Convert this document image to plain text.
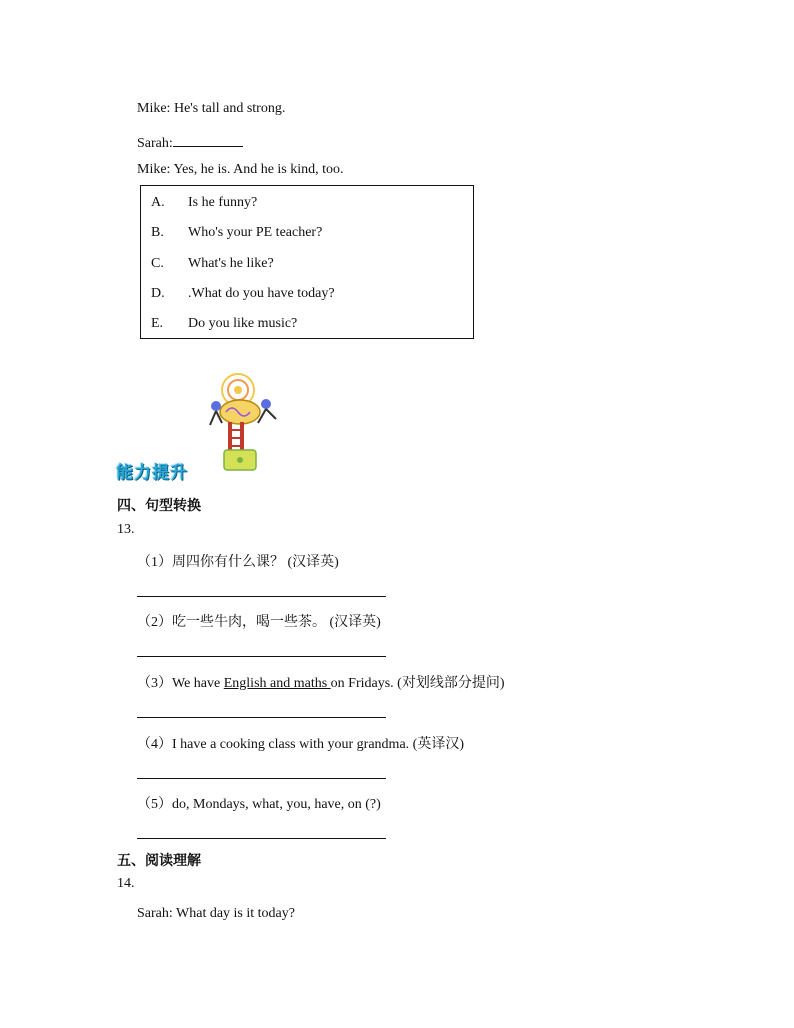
Mike: He's tall and strong.
Sarah:
Mike: Yes, he is. And he is kind, too.
A. Is he funny?
B. Who's your PE teacher?
C. What's he like?
D. .What do you have today?
E. Do you like music?
能力提升
四、句型转换
13.
（1）周四你有什么课？ (汉译英)
（2）吃一些牛肉，喝一些茶。 (汉译英)
（3）We have English and maths on Fridays. (对划线部分提问)
（4）I have a cooking class with your grandma. (英译汉)
（5）do, Mondays, what, you, have, on (?)
五、阅读理解
14.
Sarah: What day is it today?
